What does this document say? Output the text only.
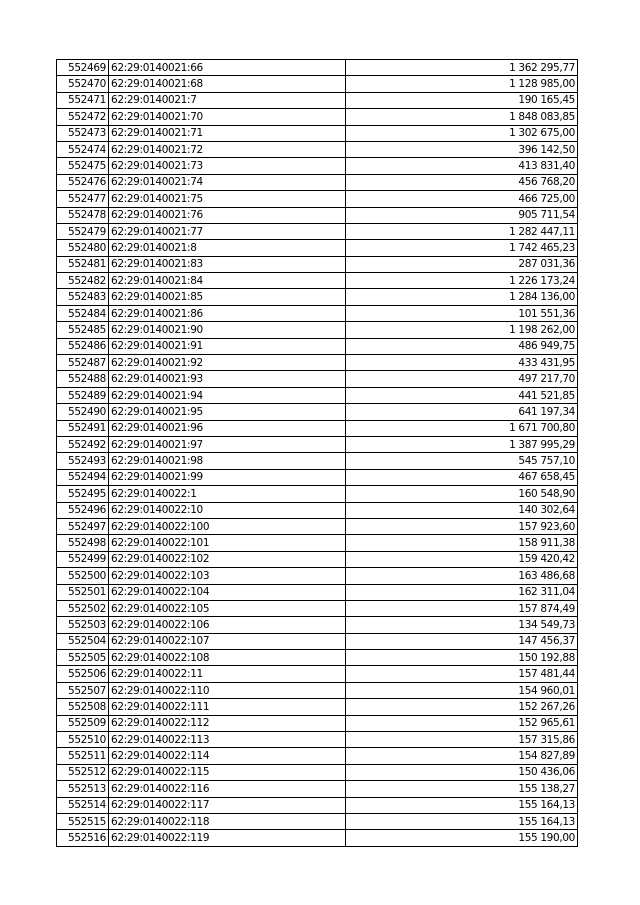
552469	62:29:0140021:66	1 362 295,77
552470	62:29:0140021:68	1 128 985,00
552471	62:29:0140021:7	190 165,45
552472	62:29:0140021:70	1 848 083,85
552473	62:29:0140021:71	1 302 675,00
552474	62:29:0140021:72	396 142,50
552475	62:29:0140021:73	413 831,40
552476	62:29:0140021:74	456 768,20
552477	62:29:0140021:75	466 725,00
552478	62:29:0140021:76	905 711,54
552479	62:29:0140021:77	1 282 447,11
552480	62:29:0140021:8	1 742 465,23
552481	62:29:0140021:83	287 031,36
552482	62:29:0140021:84	1 226 173,24
552483	62:29:0140021:85	1 284 136,00
552484	62:29:0140021:86	101 551,36
552485	62:29:0140021:90	1 198 262,00
552486	62:29:0140021:91	486 949,75
552487	62:29:0140021:92	433 431,95
552488	62:29:0140021:93	497 217,70
552489	62:29:0140021:94	441 521,85
552490	62:29:0140021:95	641 197,34
552491	62:29:0140021:96	1 671 700,80
552492	62:29:0140021:97	1 387 995,29
552493	62:29:0140021:98	545 757,10
552494	62:29:0140021:99	467 658,45
552495	62:29:0140022:1	160 548,90
552496	62:29:0140022:10	140 302,64
552497	62:29:0140022:100	157 923,60
552498	62:29:0140022:101	158 911,38
552499	62:29:0140022:102	159 420,42
552500	62:29:0140022:103	163 486,68
552501	62:29:0140022:104	162 311,04
552502	62:29:0140022:105	157 874,49
552503	62:29:0140022:106	134 549,73
552504	62:29:0140022:107	147 456,37
552505	62:29:0140022:108	150 192,88
552506	62:29:0140022:11	157 481,44
552507	62:29:0140022:110	154 960,01
552508	62:29:0140022:111	152 267,26
552509	62:29:0140022:112	152 965,61
552510	62:29:0140022:113	157 315,86
552511	62:29:0140022:114	154 827,89
552512	62:29:0140022:115	150 436,06
552513	62:29:0140022:116	155 138,27
552514	62:29:0140022:117	155 164,13
552515	62:29:0140022:118	155 164,13
552516	62:29:0140022:119	155 190,00
